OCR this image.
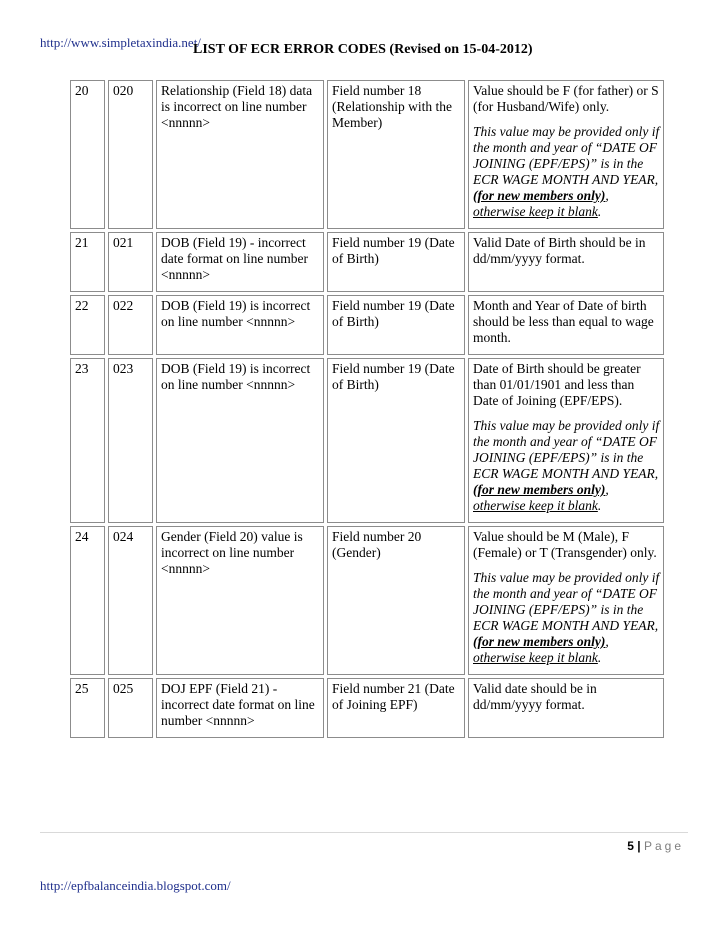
http://www.simpletaxindia.net/
LIST OF ECR ERROR CODES (Revised on 15-04-2012)
20	020	Relationship (Field 18) data is incorrect on line number <nnnnn>	Field number 18 (Relationship with the Member)	Value should be F (for father) or S (for Husband/Wife) only.
This value may be provided only if the month and year of “DATE OF JOINING (EPF/EPS)” is in the ECR WAGE MONTH AND YEAR, (for new members only), otherwise keep it blank.

21	021	DOB (Field 19) - incorrect date format on line number <nnnnn>	Field number 19 (Date of Birth)	Valid Date of Birth should be in dd/mm/yyyy format.

22	022	DOB (Field 19) is incorrect on line number <nnnnn>	Field number 19 (Date of Birth)	Month and Year of Date of birth should be less than equal to wage month.

23	023	DOB (Field 19) is incorrect on line number <nnnnn>	Field number 19 (Date of Birth)	Date of Birth should be greater than 01/01/1901 and less than Date of Joining (EPF/EPS).
This value may be provided only if the month and year of “DATE OF JOINING (EPF/EPS)” is in the ECR WAGE MONTH AND YEAR, (for new members only), otherwise keep it blank.

24	024	Gender (Field 20) value is incorrect on line number <nnnnn>	Field number 20 (Gender)	Value should be M (Male), F (Female) or T (Transgender) only.
This value may be provided only if the month and year of “DATE OF JOINING (EPF/EPS)” is in the ECR WAGE MONTH AND YEAR, (for new members only), otherwise keep it blank.

25	025	DOJ EPF (Field 21) - incorrect date format on line number <nnnnn>	Field number 21 (Date of Joining EPF)	Valid date should be in dd/mm/yyyy format.
5 | Page
http://epfbalanceindia.blogspot.com/
